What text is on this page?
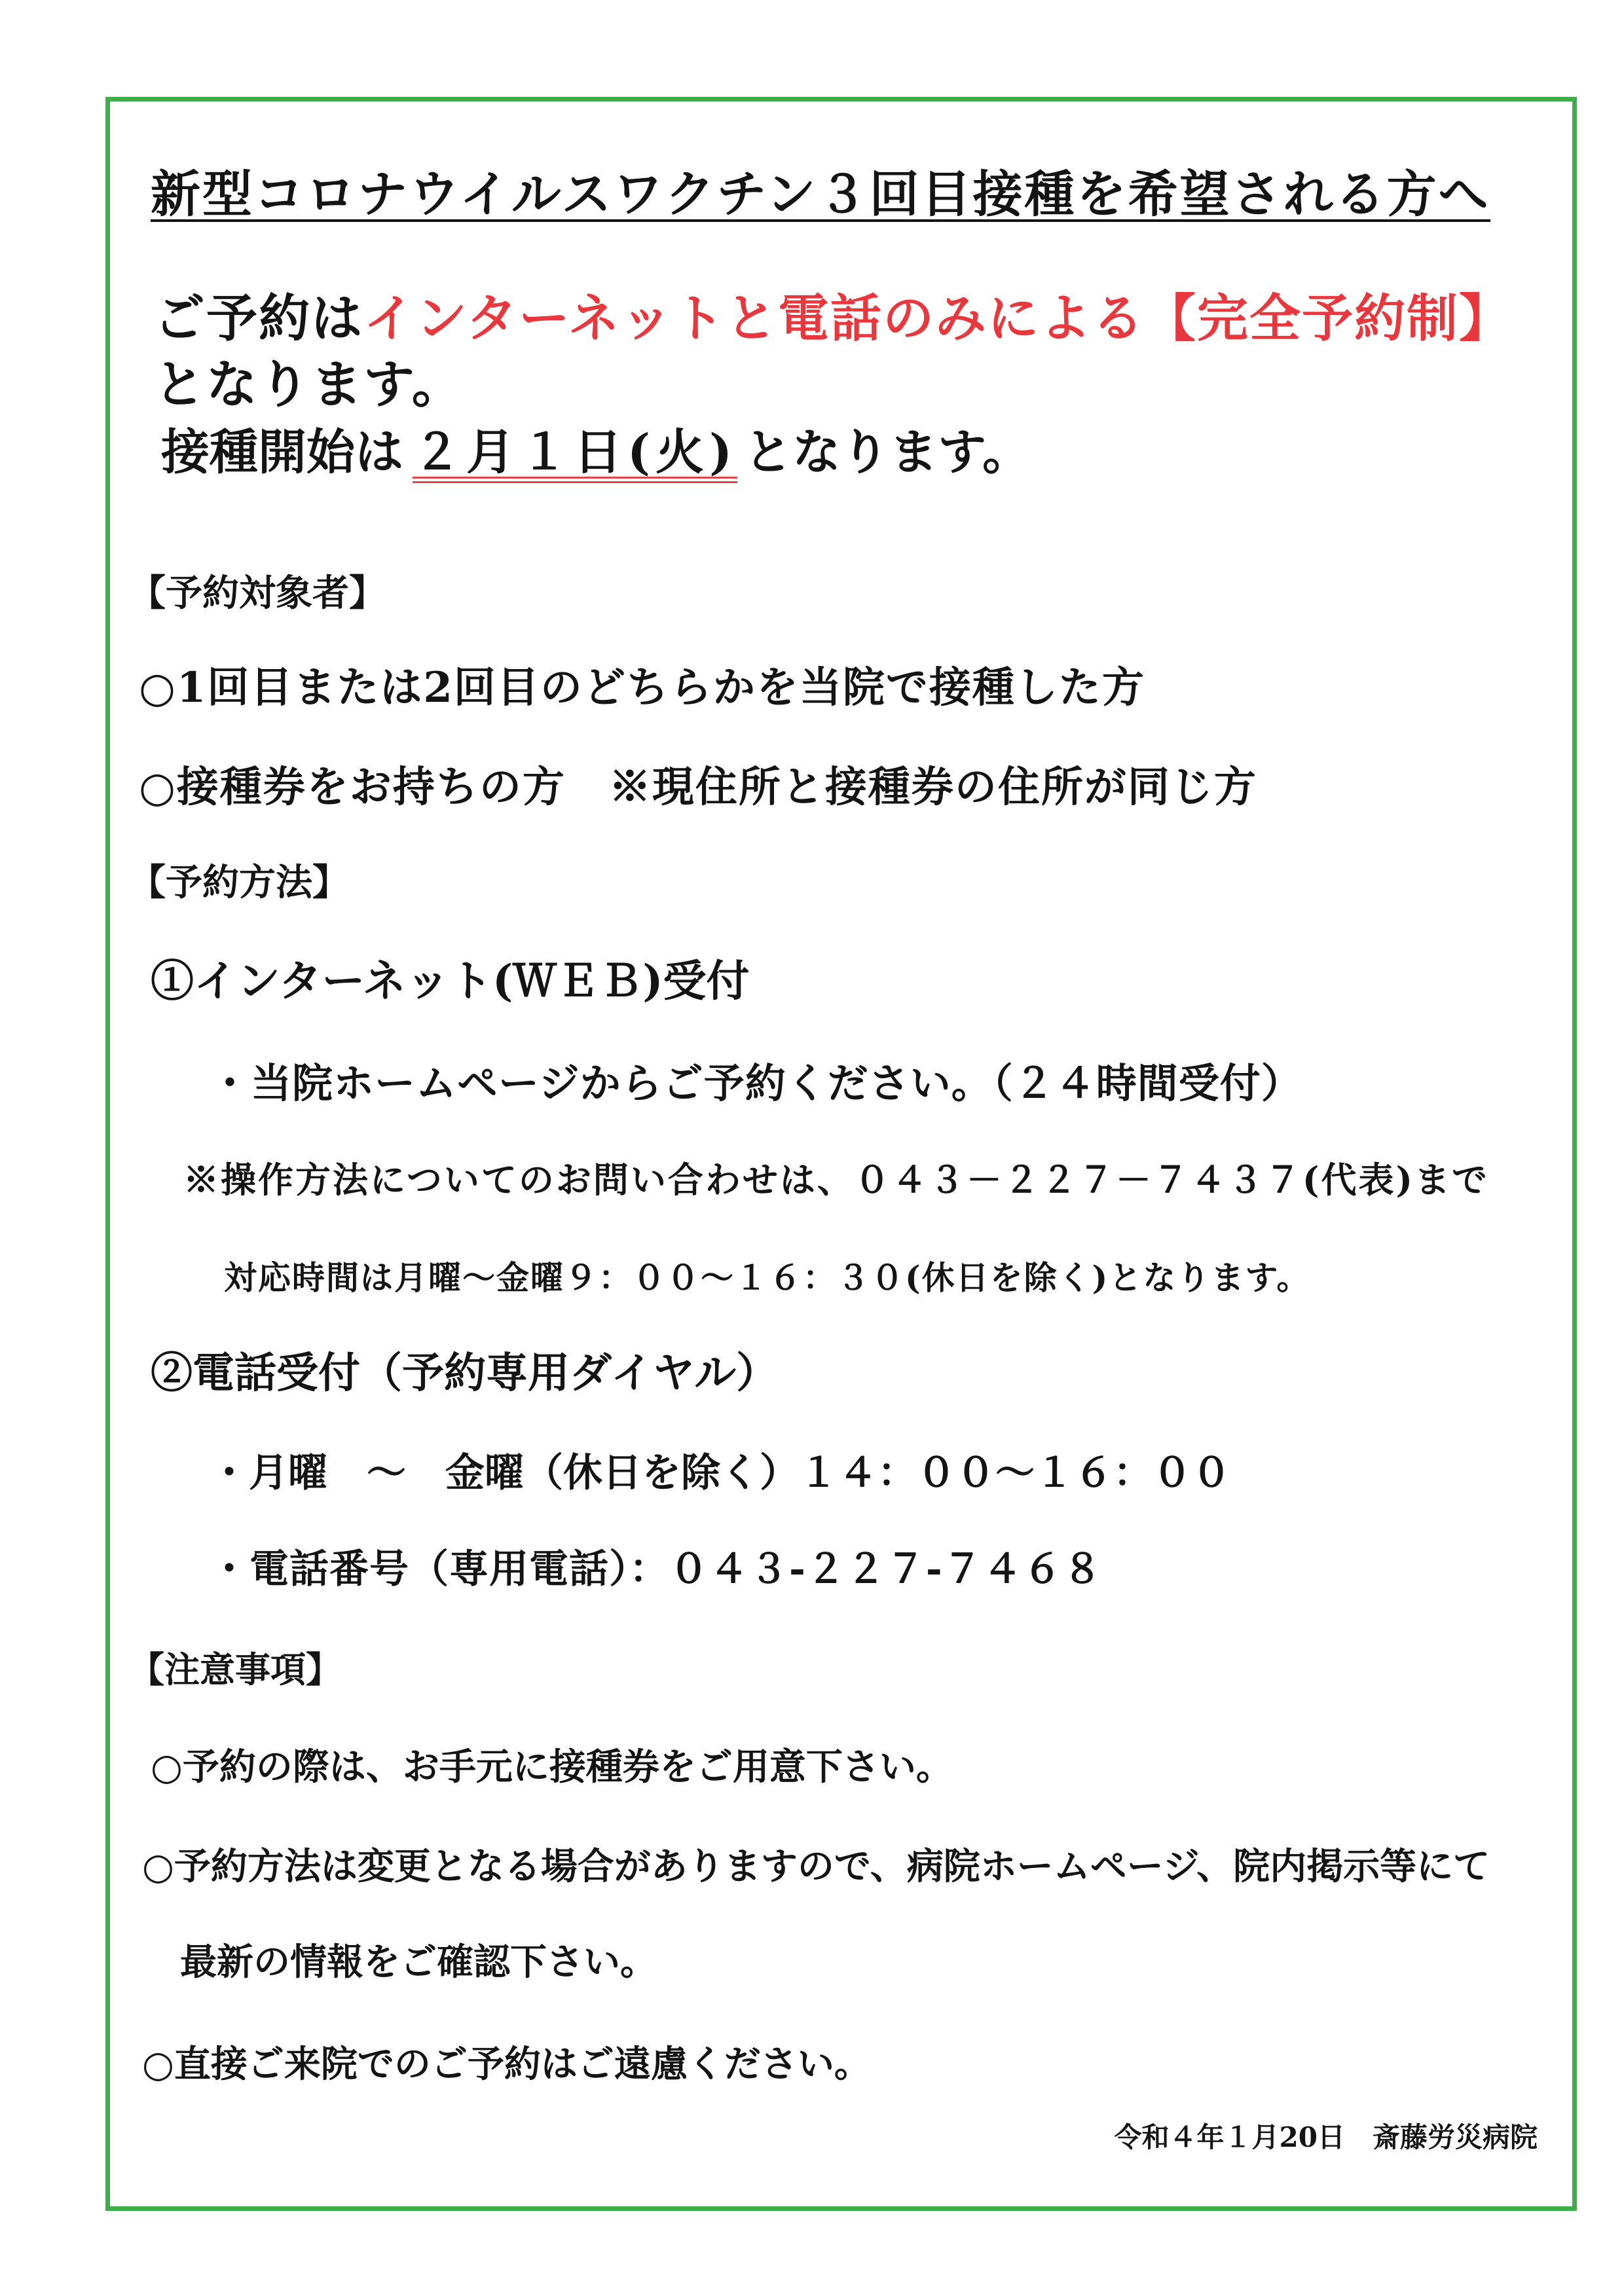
新型コロナウイルスワクチン３回目接種を希望される方へ
ご予約はインターネットと電話のみによる【完全予約制】
となります。
接種開始は ２月１日(火) となります。
【予約対象者】
○1回目または2回目のどちらかを当院で接種した方
○接種券をお持ちの方　※現住所と接種券の住所が同じ方
【予約方法】
①インターネット(ＷＥＢ)受付
・当院ホームページからご予約ください。（２４時間受付）
※操作方法についてのお問い合わせは、０４３－２２７－７４３７(代表)まで
対応時間は月曜～金曜９：００～１６：３０(休日を除く)となります。
②電話受付（予約専用ダイヤル）
・月曜　～　金曜（休日を除く）１４：００～１６：００
・電話番号（専用電話）：０４３-２２７-７４６８
【注意事項】
○予約の際は、お手元に接種券をご用意下さい。
○予約方法は変更となる場合がありますので、病院ホームページ、院内掲示等にて
最新の情報をご確認下さい。
○直接ご来院でのご予約はご遠慮ください。
令和４年１月20日　斎藤労災病院
